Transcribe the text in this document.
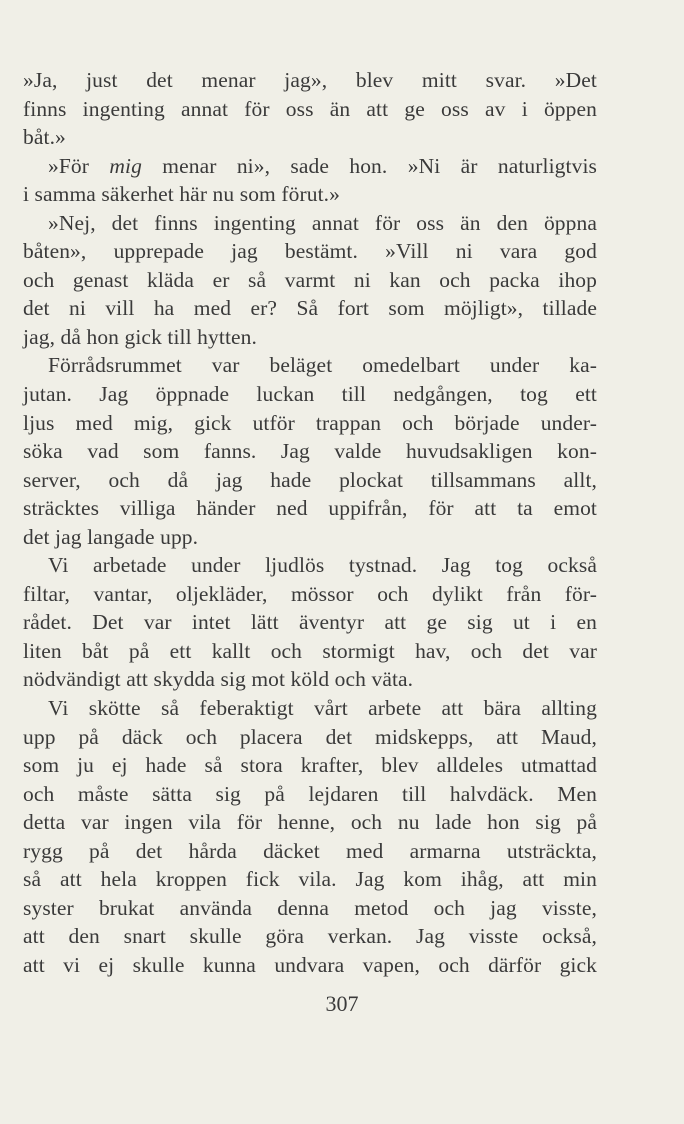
»Ja, just det menar jag», blev mitt svar. »Det
finns ingenting annat för oss än att ge oss av i öppen
båt.»
»För mig menar ni», sade hon. »Ni är naturligtvis
i samma säkerhet här nu som förut.»
»Nej, det finns ingenting annat för oss än den öppna
båten», upprepade jag bestämt. »Vill ni vara god
och genast kläda er så varmt ni kan och packa ihop
det ni vill ha med er? Så fort som möjligt», tillade
jag, då hon gick till hytten.
Förrådsrummet var beläget omedelbart under ka-
jutan. Jag öppnade luckan till nedgången, tog ett
ljus med mig, gick utför trappan och började under-
söka vad som fanns. Jag valde huvudsakligen kon-
server, och då jag hade plockat tillsammans allt,
sträcktes villiga händer ned uppifrån, för att ta emot
det jag langade upp.
Vi arbetade under ljudlös tystnad. Jag tog också
filtar, vantar, oljekläder, mössor och dylikt från för-
rådet. Det var intet lätt äventyr att ge sig ut i en
liten båt på ett kallt och stormigt hav, och det var
nödvändigt att skydda sig mot köld och väta.
Vi skötte så feberaktigt vårt arbete att bära allting
upp på däck och placera det midskepps, att Maud,
som ju ej hade så stora krafter, blev alldeles utmattad
och måste sätta sig på lejdaren till halvdäck. Men
detta var ingen vila för henne, och nu lade hon sig på
rygg på det hårda däcket med armarna utsträckta,
så att hela kroppen fick vila. Jag kom ihåg, att min
syster brukat använda denna metod och jag visste,
att den snart skulle göra verkan. Jag visste också,
att vi ej skulle kunna undvara vapen, och därför gick
307
